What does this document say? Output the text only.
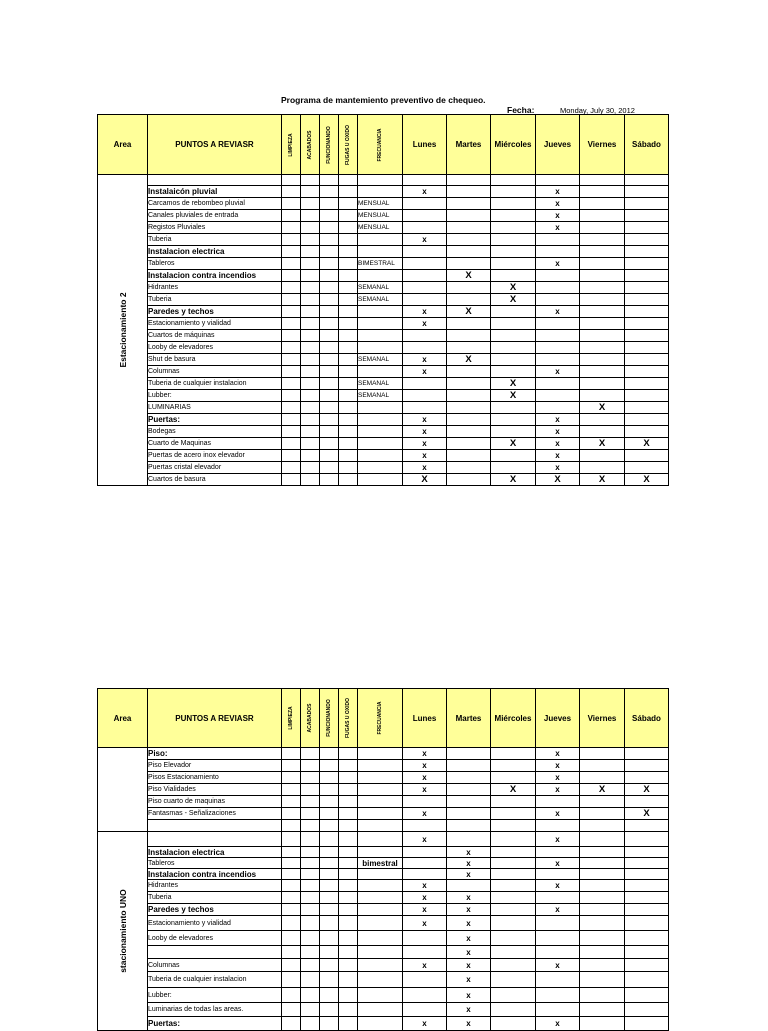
Programa de mantemiento preventivo de chequeo.
Fecha:	Monday, July 30, 2012
Area	PUNTOS A REVIASR	LIMPIEZA	ACABADOS	FUNCIONANDO	FUGAS U OXIDO	FRECUANCIA	Lunes	Martes	Miércoles	Jueves	Viernes	Sábado

Estacionamiento 2												

	Instalaicón pluvial						x			x		
	Carcamos de rebombeo pluvial					MENSUAL				x		
	Canales pluviales de entrada					MENSUAL				x		
	Registos Pluviales					MENSUAL				x		
	Tuberia						x					
	Instalacion electrica											
	Tableros					BIMESTRAL				x		
	Instalacion contra incendios							X				
	Hidrantes					SEMANAL			X			
	Tuberia					SEMANAL			X			
	Paredes y techos						x	X		x		
	Estacionamiento y vialidad						x					
	Cuartos de máquinas											
	Looby de elevadores											
	Shut de basura					SEMANAL	x	X				
	Columnas						x			x		
	Tuberia de cualquier instalacion					SEMANAL			X			
	Lubber:					SEMANAL			X			
	LUMINARIAS										X	
	Puertas:						x			x		
	Bodegas						x			x		
	Cuarto de Maquinas						x		X	x	X	X
	Puertas de acero inox elevador						x			x		
	Puertas cristal elevador						x			x		
	Cuartos de basura						X		X	X	X	X
Area	PUNTOS A REVIASR	LIMPIEZA	ACABADOS	FUNCIONANDO	FUGAS U OXIDO	FRECUANCIA	Lunes	Martes	Miércoles	Jueves	Viernes	Sábado
	Piso:						x			x		
	Piso Elevador						x			x		
	Pisos Estacionamiento						x			x		
	Piso Vialidades						x		X	x	X	X
	Piso cuarto de maquinas											
	Fantasmas - Señalizaciones						x			x		X

stacionamiento UNO							x			x		
	Instalacion electrica							x				
	Tableros					bimestral		x		x		
	Instalacion contra incendios							x				
	Hidrantes						x			x		
	Tuberia						x	x				
	Paredes y techos						x	x		x		
	Estacionamiento y vialidad						x	x				
	Looby de elevadores							x				
								x				
	Columnas						x	x		x		
	Tuberia de cualquier instalacion							x				
	Lubber:							x				
	Luminarias de todas las areas.							x				
	Puertas:						x	x		x		
